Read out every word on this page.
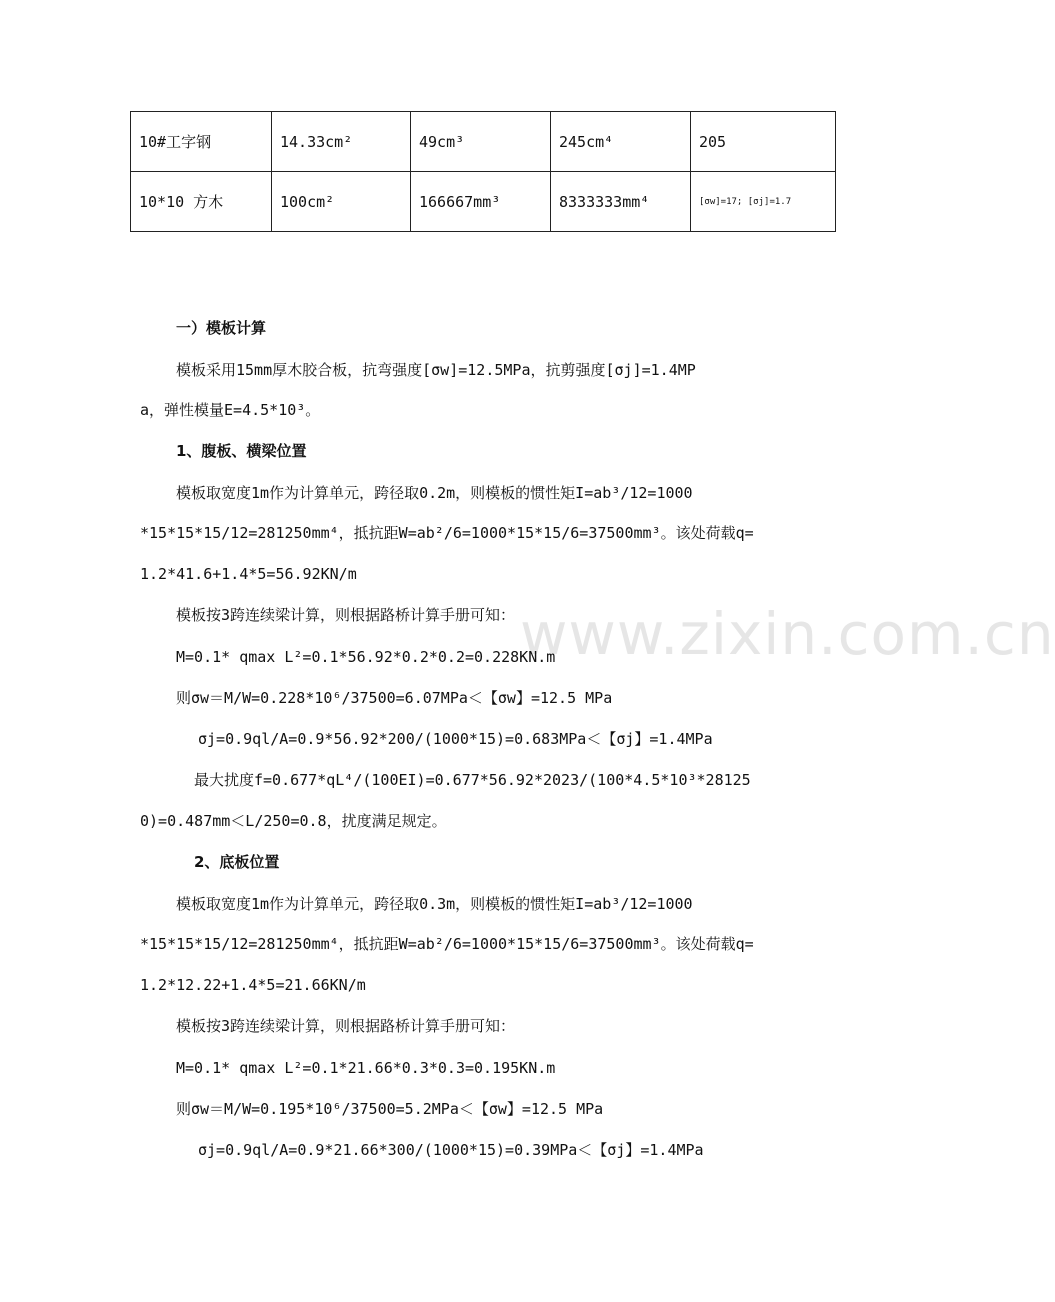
www.zixin.com.cn
10#工字钢	14.33cm²	49cm³	245cm⁴	205
10*10 方木	100cm²	166667mm³	8333333mm⁴	[σw]=17; [σj]=1.7
一）模板计算
模板采用15mm厚木胶合板，抗弯强度[σw]=12.5MPa，抗剪强度[σj]=1.4MP
a，弹性模量E=4.5*10³。
1、腹板、横梁位置
模板取宽度1m作为计算单元，跨径取0.2m，则模板的惯性矩I=ab³/12=1000
*15*15*15/12=281250mm⁴，抵抗距W=ab²/6=1000*15*15/6=37500mm³。该处荷载q=
1.2*41.6+1.4*5=56.92KN/m
模板按3跨连续梁计算，则根据路桥计算手册可知：
M=0.1* qmax L²=0.1*56.92*0.2*0.2=0.228KN.m
则σw＝M/W=0.228*10⁶/37500=6.07MPa＜【σw】=12.5 MPa
σj=0.9ql/A=0.9*56.92*200/(1000*15)=0.683MPa＜【σj】=1.4MPa
最大扰度f=0.677*qL⁴/(100EI)=0.677*56.92*2023/(100*4.5*10³*28125
0)=0.487mm＜L/250=0.8，扰度满足规定。
2、底板位置
模板取宽度1m作为计算单元，跨径取0.3m，则模板的惯性矩I=ab³/12=1000
*15*15*15/12=281250mm⁴，抵抗距W=ab²/6=1000*15*15/6=37500mm³。该处荷载q=
1.2*12.22+1.4*5=21.66KN/m
模板按3跨连续梁计算，则根据路桥计算手册可知：
M=0.1* qmax L²=0.1*21.66*0.3*0.3=0.195KN.m
则σw＝M/W=0.195*10⁶/37500=5.2MPa＜【σw】=12.5 MPa
σj=0.9ql/A=0.9*21.66*300/(1000*15)=0.39MPa＜【σj】=1.4MPa
